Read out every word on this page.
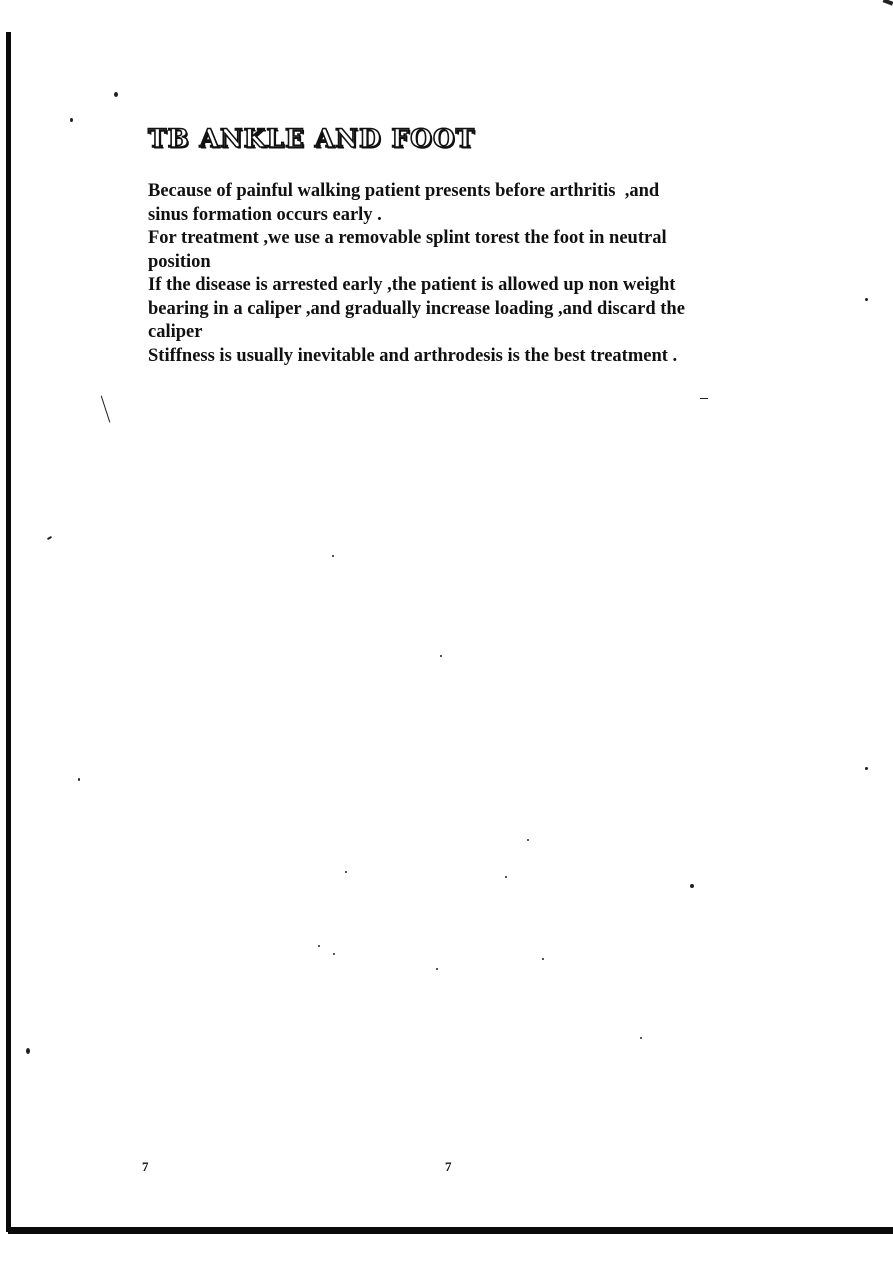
TB ANKLE AND FOOT

Because of painful walking patient presents before arthritis  ,and

sinus formation occurs early .

For treatment ,we use a removable splint torest the foot in neutral

position

If the disease is arrested early ,the patient is allowed up non weight

bearing in a caliper ,and gradually increase loading ,and discard the

caliper

Stiffness is usually inevitable and arthrodesis is the best treatment .

7	7
